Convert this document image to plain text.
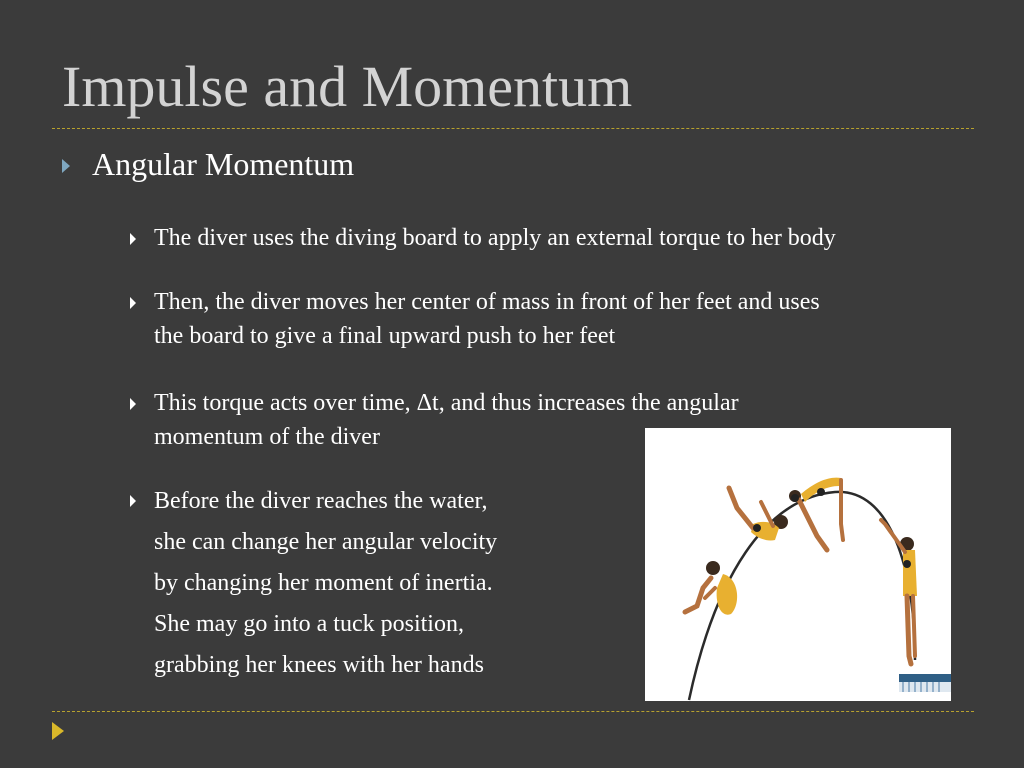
Impulse and Momentum
Angular Momentum
The diver uses the diving board to apply an external torque to her body
Then, the diver moves her center of mass in front of her feet and uses
the board to give a final upward push to her feet
This torque acts over time, Δt, and thus increases the angular
momentum of the diver
Before the diver reaches the water,
she can change her angular velocity
by changing her moment of inertia.
She may go into a tuck position,
grabbing her knees with her hands
